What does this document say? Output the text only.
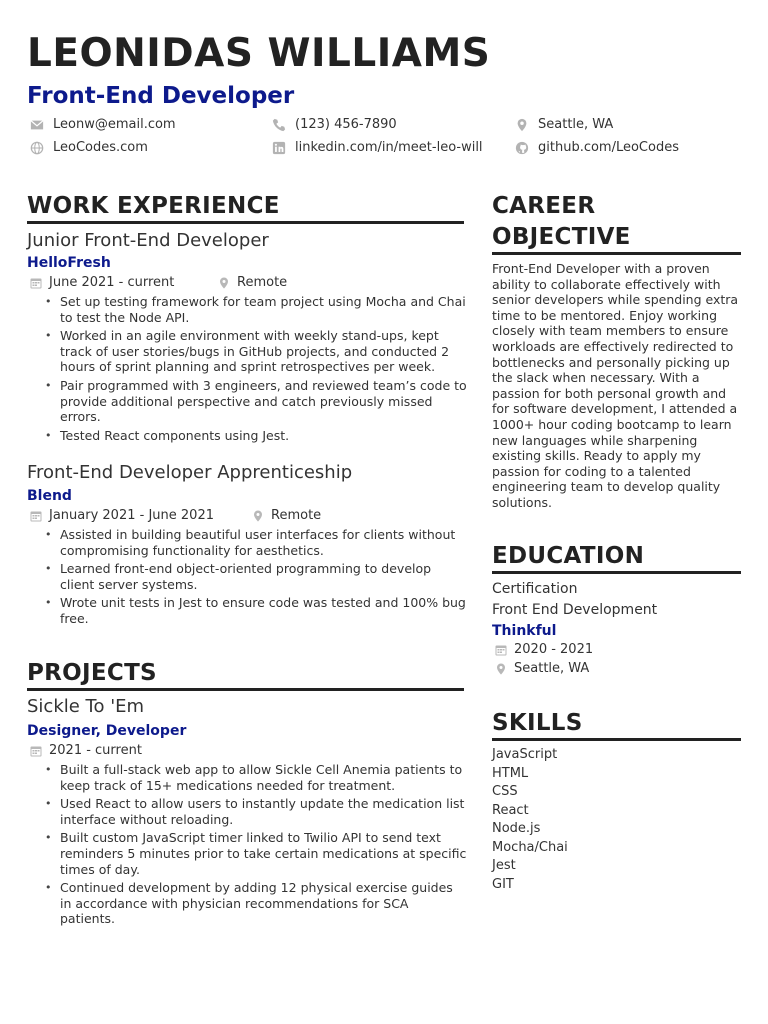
LEONIDAS WILLIAMS
Front-End Developer
Leonw@email.com	(123) 456-7890	Seattle, WA
LeoCodes.com	linkedin.com/in/meet-leo-will	github.com/LeoCodes
WORK EXPERIENCE
Junior Front-End Developer
HelloFresh
June 2021 - current	Remote
• Set up testing framework for team project using Mocha and Chai to test the Node API.
• Worked in an agile environment with weekly stand-ups, kept track of user stories/bugs in GitHub projects, and conducted 2 hours of sprint planning and sprint retrospectives per week.
• Pair programmed with 3 engineers, and reviewed team’s code to provide additional perspective and catch previously missed errors.
• Tested React components using Jest.
Front-End Developer Apprenticeship
Blend
January 2021 - June 2021	Remote
• Assisted in building beautiful user interfaces for clients without compromising functionality for aesthetics.
• Learned front-end object-oriented programming to develop client server systems.
• Wrote unit tests in Jest to ensure code was tested and 100% bug free.
PROJECTS
Sickle To 'Em
Designer, Developer
2021 - current
• Built a full-stack web app to allow Sickle Cell Anemia patients to keep track of 15+ medications needed for treatment.
• Used React to allow users to instantly update the medication list interface without reloading.
• Built custom JavaScript timer linked to Twilio API to send text reminders 5 minutes prior to take certain medications at specific times of day.
• Continued development by adding 12 physical exercise guides in accordance with physician recommendations for SCA patients.
CAREER OBJECTIVE
Front-End Developer with a proven ability to collaborate effectively with senior developers while spending extra time to be mentored. Enjoy working closely with team members to ensure workloads are effectively redirected to bottlenecks and personally picking up the slack when necessary. With a passion for both personal growth and for software development, I attended a 1000+ hour coding bootcamp to learn new languages while sharpening existing skills. Ready to apply my passion for coding to a talented engineering team to develop quality solutions.
EDUCATION
Certification
Front End Development
Thinkful
2020 - 2021
Seattle, WA
SKILLS
JavaScript
HTML
CSS
React
Node.js
Mocha/Chai
Jest
GIT
